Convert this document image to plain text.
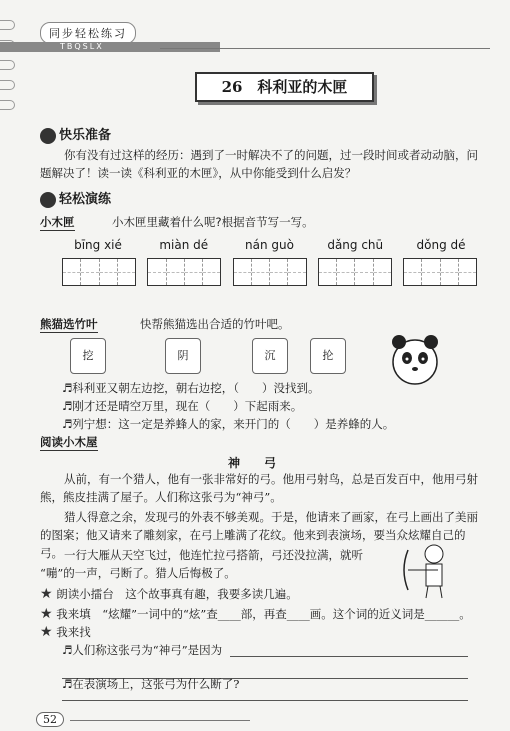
同步轻松练习
TBQSLX
26　科利亚的木匣
快乐准备
你有没有过这样的经历：遇到了一时解决不了的问题，过一段时间或者动动脑，问题解决了！读一读《科利亚的木匣》，从中你能受到什么启发？
轻松演练
小木匣	小木匣里藏着什么呢?根据音节写一写。
bīng xié	miàn dé	nán guò	dǎng chū	dǒng dé
熊猫选竹叶	快帮熊猫选出合适的竹叶吧。
挖	阴	沉	抡
♬科利亚又朝左边挖，朝右边挖，（　　）没找到。
♬刚才还是晴空万里，现在（　　）下起雨来。
♬列宁想：这一定是养蜂人的家，来开门的（　　）是养蜂的人。
阅读小木屋
神　弓
从前，有一个猎人，他有一张非常好的弓。他用弓射鸟，总是百发百中，他用弓射熊，熊皮挂满了屋子。人们称这张弓为“神弓”。
猎人得意之余，发现弓的外表不够美观。于是，他请来了画家，在弓上画出了美丽的图案；他又请来了雕刻家，在弓上雕满了花纹。他来到表演场，要当众炫耀自己的弓。 一行大雁从天空飞过，他连忙拉弓搭箭，弓还没拉满，就听
“嘣”的一声，弓断了。猎人后悔极了。
★ 朗读小擂台　这个故事真有趣，我要多读几遍。
★ 我来填　“炫耀”一词中的“炫”查____部，再查____画。这个词的近义词是______。
★ 我来找
♬人们称这张弓为“神弓”是因为
♬在表演场上，这张弓为什么断了?
52
